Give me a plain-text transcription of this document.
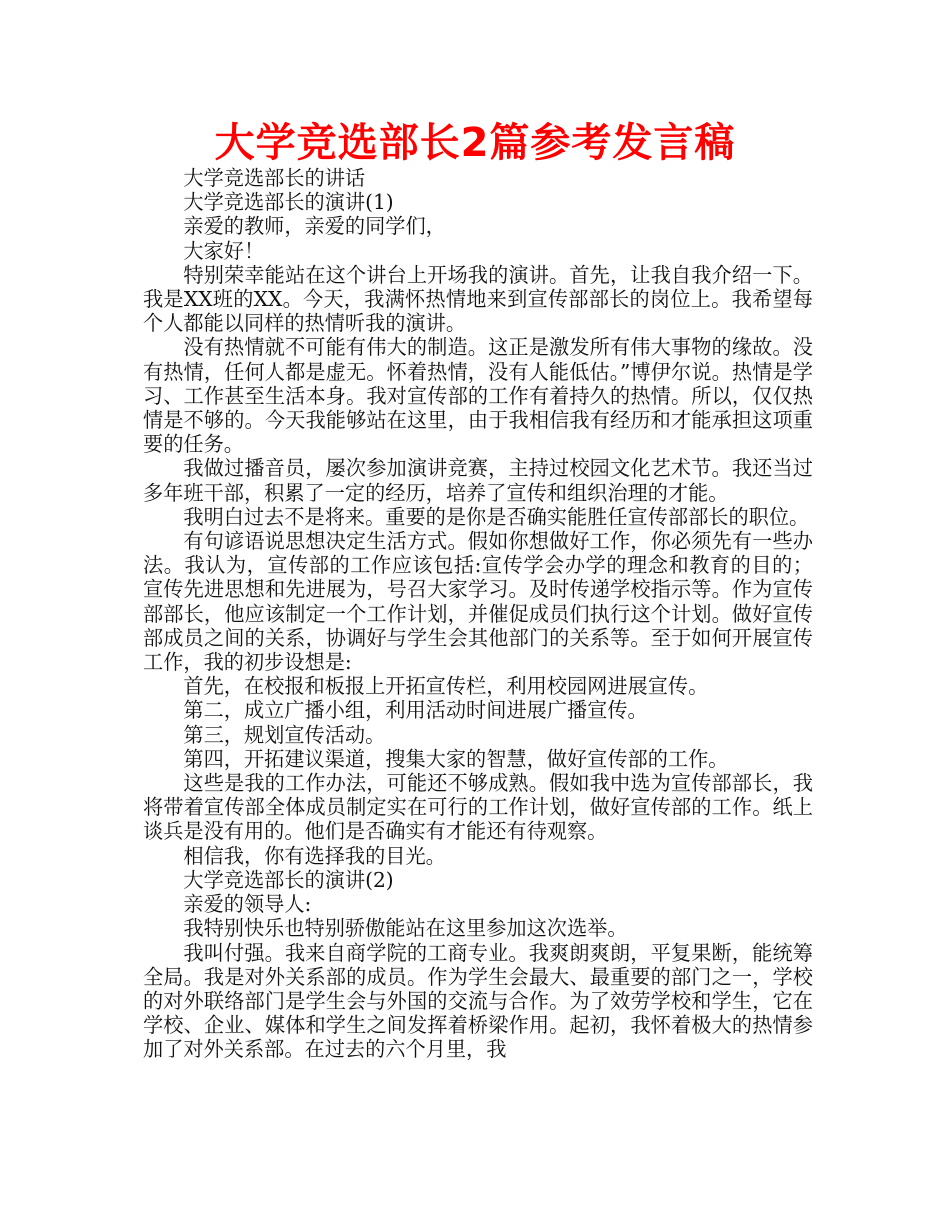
大学竞选部长2篇参考发言稿

大学竞选部长的讲话

大学竞选部长的演讲(1)

亲爱的教师，亲爱的同学们，

大家好！

特别荣幸能站在这个讲台上开场我的演讲。首先，让我自我介绍一下。我是XX班的XX。今天，我满怀热情地来到宣传部部长的岗位上。我希望每个人都能以同样的热情听我的演讲。

没有热情就不可能有伟大的制造。这正是激发所有伟大事物的缘故。没有热情，任何人都是虚无。怀着热情，没有人能低估。”博伊尔说。热情是学习、工作甚至生活本身。我对宣传部的工作有着持久的热情。所以，仅仅热情是不够的。今天我能够站在这里，由于我相信我有经历和才能承担这项重要的任务。

我做过播音员，屡次参加演讲竞赛，主持过校园文化艺术节。我还当过多年班干部，积累了一定的经历，培养了宣传和组织治理的才能。

我明白过去不是将来。重要的是你是否确实能胜任宣传部部长的职位。

有句谚语说思想决定生活方式。假如你想做好工作，你必须先有一些办法。我认为，宣传部的工作应该包括:宣传学会办学的理念和教育的目的；宣传先进思想和先进展为，号召大家学习。及时传递学校指示等。作为宣传部部长，他应该制定一个工作计划，并催促成员们执行这个计划。做好宣传部成员之间的关系，协调好与学生会其他部门的关系等。至于如何开展宣传工作，我的初步设想是:

首先，在校报和板报上开拓宣传栏，利用校园网进展宣传。

第二，成立广播小组，利用活动时间进展广播宣传。

第三，规划宣传活动。

第四，开拓建议渠道，搜集大家的智慧，做好宣传部的工作。

这些是我的工作办法，可能还不够成熟。假如我中选为宣传部部长，我将带着宣传部全体成员制定实在可行的工作计划，做好宣传部的工作。纸上谈兵是没有用的。他们是否确实有才能还有待观察。

相信我，你有选择我的目光。

大学竞选部长的演讲(2)

亲爱的领导人:

我特别快乐也特别骄傲能站在这里参加这次选举。

我叫付强。我来自商学院的工商专业。我爽朗爽朗，平复果断，能统筹全局。我是对外关系部的成员。作为学生会最大、最重要的部门之一，学校的对外联络部门是学生会与外国的交流与合作。为了效劳学校和学生，它在学校、企业、媒体和学生之间发挥着桥梁作用。起初，我怀着极大的热情参加了对外关系部。在过去的六个月里，我
